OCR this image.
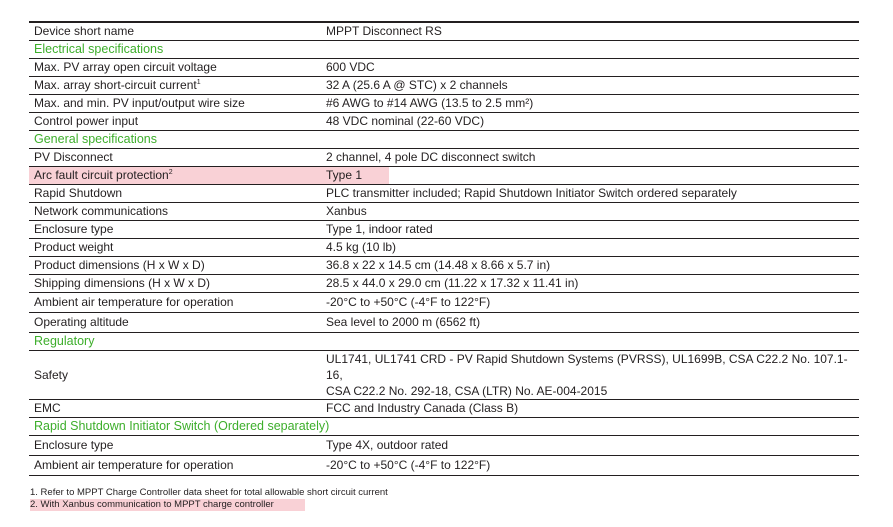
Device short name	MPPT Disconnect RS
Electrical specifications	
Max. PV array open circuit voltage	600 VDC
Max. array short-circuit current$^1$	32 A (25.6 A @ STC) x 2 channels
Max. and min. PV input/output wire size	#6 AWG to #14 AWG (13.5 to 2.5 mm²)
Control power input	48 VDC nominal (22-60 VDC)
General specifications	
PV Disconnect	2 channel, 4 pole DC disconnect switch
Arc fault circuit protection$^2$	Type 1
Rapid Shutdown	PLC transmitter included; Rapid Shutdown Initiator Switch ordered separately
Network communications	Xanbus
Enclosure type	Type 1, indoor rated
Product weight	4.5 kg (10 lb)
Product dimensions (H x W x D)	36.8 x 22 x 14.5 cm (14.48 x 8.66 x 5.7 in)
Shipping dimensions (H x W x D)	28.5 x 44.0 x 29.0 cm (11.22 x 17.32 x 11.41 in)
Ambient air temperature for operation	-20°C to +50°C (-4°F to 122°F)
Operating altitude	Sea level to 2000 m (6562 ft)
Regulatory	
Safety	UL1741, UL1741 CRD - PV Rapid Shutdown Systems (PVRSS), UL1699B, CSA C22.2 No. 107.1-16,
CSA C22.2 No. 292-18, CSA (LTR) No. AE-004-2015

EMC	FCC and Industry Canada (Class B)
Rapid Shutdown Initiator Switch (Ordered separately)	
Enclosure type	Type 4X, outdoor rated
Ambient air temperature for operation	-20°C to +50°C (-4°F to 122°F)
1. Refer to MPPT Charge Controller data sheet for total allowable short circuit current
2. With Xanbus communication to MPPT charge controller
